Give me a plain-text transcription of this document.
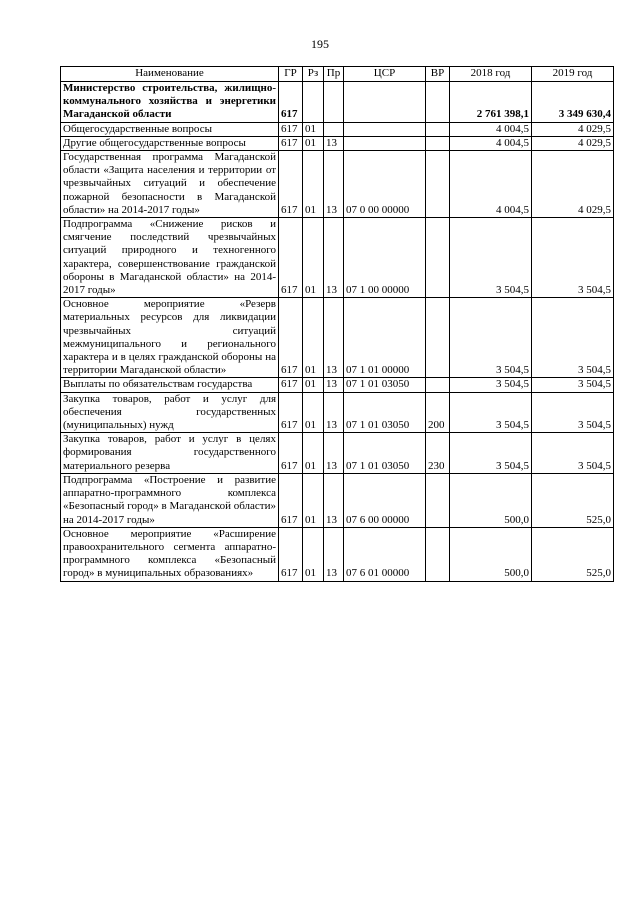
195
Наименование	ГР	Рз	Пр	ЦСР	ВР	2018 год	2019 год
Министерство строительства, жилищно-коммунального хозяйства и энергетики Магаданской области	617					2 761 398,1	3 349 630,4
Общегосударственные вопросы	617	01				4 004,5	4 029,5
Другие общегосударственные вопросы	617	01	13			4 004,5	4 029,5
Государственная программа Магаданской области «Защита населения и территории от чрезвычайных ситуаций и обеспечение пожарной безопасности в Магаданской области» на 2014-2017 годы»	617	01	13	07 0 00 00000		4 004,5	4 029,5
Подпрограмма «Снижение рисков и смягчение последствий чрезвычайных ситуаций природного и техногенного характера, совершенствование гражданской обороны в Магаданской области» на 2014-2017 годы»	617	01	13	07 1 00 00000		3 504,5	3 504,5
Основное мероприятие «Резерв материальных ресурсов для ликвидации чрезвычайных ситуаций межмуниципального и регионального характера и в целях гражданской обороны на территории Магаданской области»	617	01	13	07 1 01 00000		3 504,5	3 504,5
Выплаты по обязательствам государства	617	01	13	07 1 01 03050		3 504,5	3 504,5
Закупка товаров, работ и услуг для обеспечения государственных (муниципальных) нужд	617	01	13	07 1 01 03050	200	3 504,5	3 504,5
Закупка товаров, работ и услуг в целях формирования государственного материального резерва	617	01	13	07 1 01 03050	230	3 504,5	3 504,5
Подпрограмма «Построение и развитие аппаратно-программного комплекса «Безопасный город» в Магаданской области» на 2014-2017 годы»	617	01	13	07 6 00 00000		500,0	525,0
Основное мероприятие «Расширение правоохранительного сегмента аппаратно-программного комплекса «Безопасный город» в муниципальных образованиях»	617	01	13	07 6 01 00000		500,0	525,0
